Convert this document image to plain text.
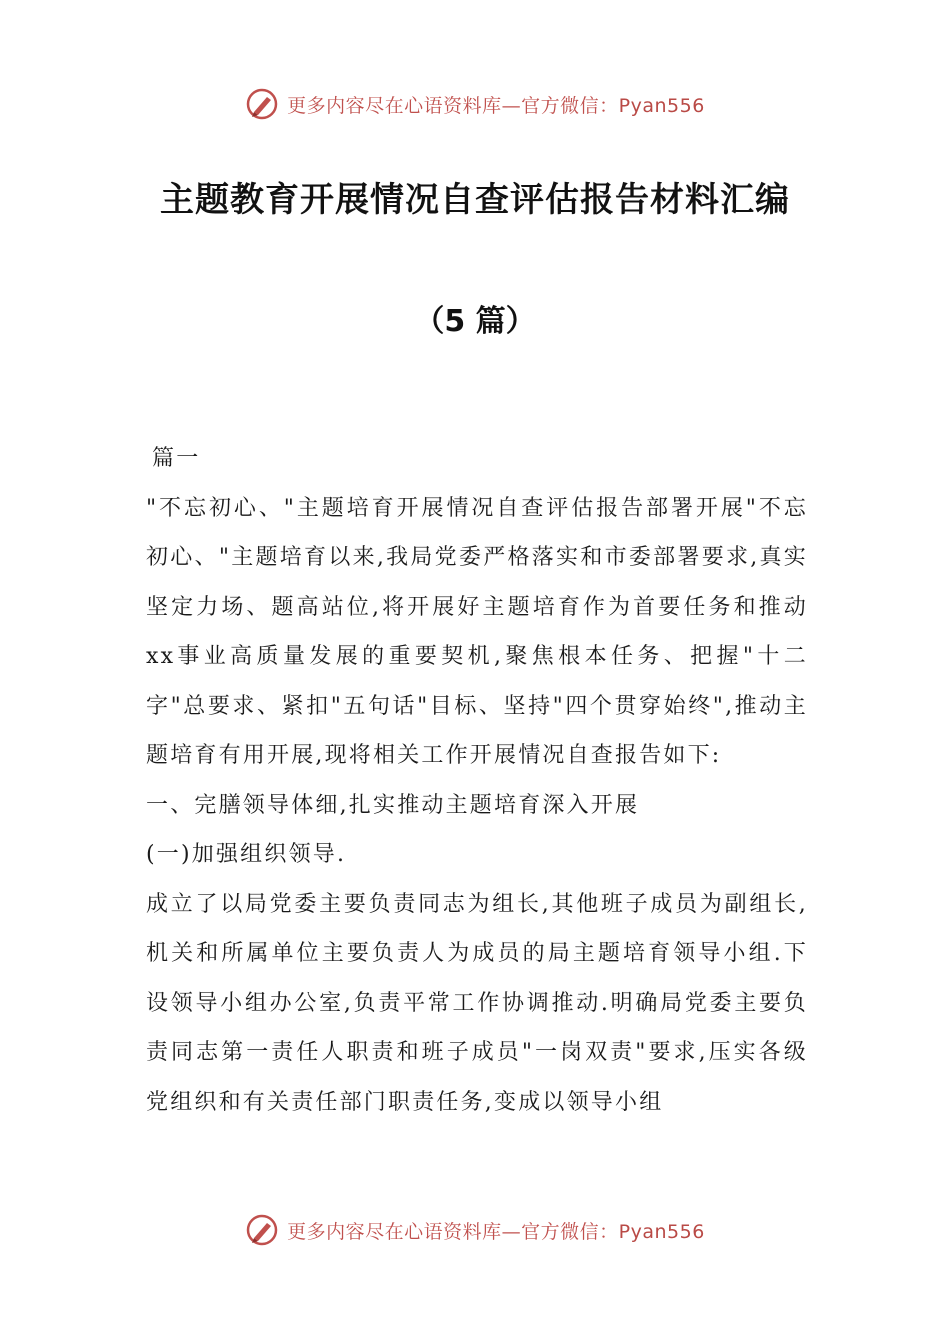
更多内容尽在心语资料库—官方微信：Pyan556
主题教育开展情况自查评估报告材料汇编
（5 篇）

篇一

"不忘初心、"主题培育开展情况自查评估报告部署开展"不忘初心、"主题培育以来,我局党委严格落实和市委部署要求,真实坚定力场、题高站位,将开展好主题培育作为首要任务和推动xx事业高质量发展的重要契机,聚焦根本任务、把握"十二字"总要求、紧扣"五句话"目标、坚持"四个贯穿始终",推动主题培育有用开展,现将相关工作开展情况自查报告如下:

一、完膳领导体细,扎实推动主题培育深入开展

(一)加强组织领导.

成立了以局党委主要负责同志为组长,其他班子成员为副组长,机关和所属单位主要负责人为成员的局主题培育领导小组.下设领导小组办公室,负责平常工作协调推动.明确局党委主要负责同志第一责任人职责和班子成员"一岗双责"要求,压实各级党组织和有关责任部门职责任务,变成以领导小组

更多内容尽在心语资料库—官方微信：Pyan556
